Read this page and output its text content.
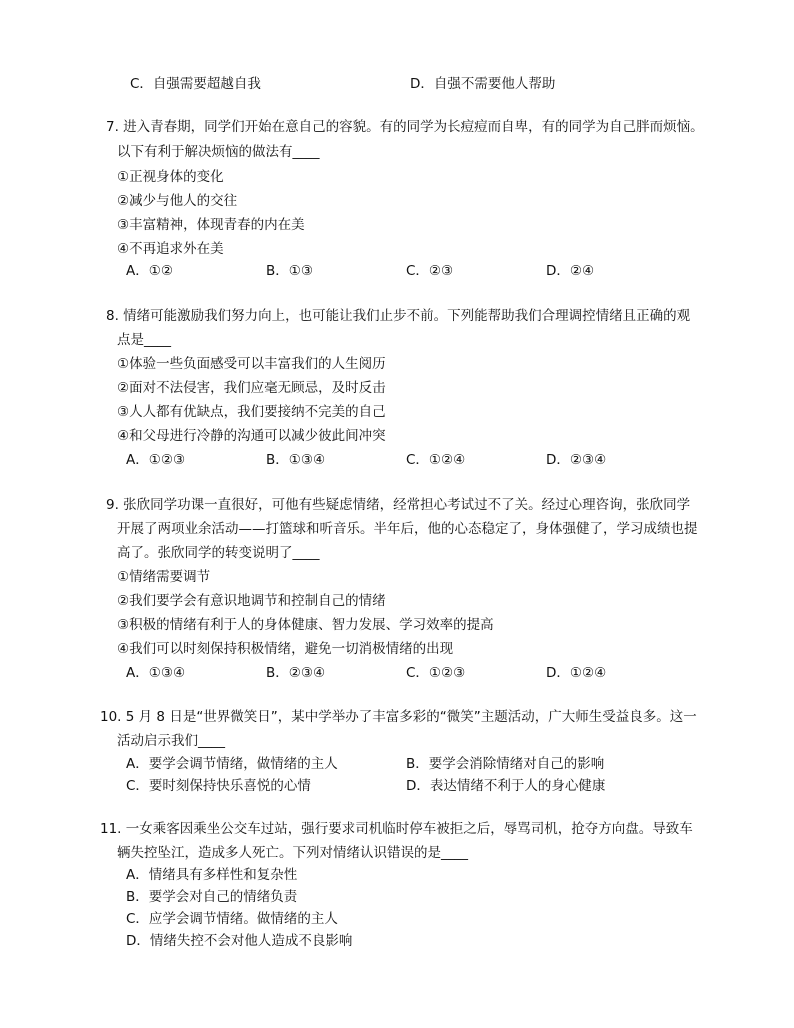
C．自强需要超越自我	D．自强不需要他人帮助
7. 进入青春期，同学们开始在意自己的容貌。有的同学为长痘痘而自卑，有的同学为自己胖而烦恼。
以下有利于解决烦恼的做法有____
①正视身体的变化
②减少与他人的交往
③丰富精神，体现青春的内在美
④不再追求外在美
A．①②	B．①③	C．②③	D．②④
8. 情绪可能激励我们努力向上，也可能让我们止步不前。下列能帮助我们合理调控情绪且正确的观
点是____
①体验一些负面感受可以丰富我们的人生阅历
②面对不法侵害，我们应毫无顾忌，及时反击
③人人都有优缺点，我们要接纳不完美的自己
④和父母进行冷静的沟通可以减少彼此间冲突
A．①②③	B．①③④	C．①②④	D．②③④
9. 张欣同学功课一直很好，可他有些疑虑情绪，经常担心考试过不了关。经过心理咨询，张欣同学
开展了两项业余活动——打篮球和听音乐。半年后，他的心态稳定了，身体强健了，学习成绩也提
高了。张欣同学的转变说明了____
①情绪需要调节
②我们要学会有意识地调节和控制自己的情绪
③积极的情绪有利于人的身体健康、智力发展、学习效率的提高
④我们可以时刻保持积极情绪，避免一切消极情绪的出现
A．①③④	B．②③④	C．①②③	D．①②④
10. 5 月 8 日是“世界微笑日”，某中学举办了丰富多彩的“微笑”主题活动，广大师生受益良多。这一
活动启示我们____
A．要学会调节情绪，做情绪的主人	B．要学会消除情绪对自己的影响
C．要时刻保持快乐喜悦的心情	D．表达情绪不利于人的身心健康
11. 一女乘客因乘坐公交车过站，强行要求司机临时停车被拒之后，辱骂司机，抢夺方向盘。导致车
辆失控坠江，造成多人死亡。下列对情绪认识错误的是____
A．情绪具有多样性和复杂性
B．要学会对自己的情绪负责
C．应学会调节情绪。做情绪的主人
D．情绪失控不会对他人造成不良影响
